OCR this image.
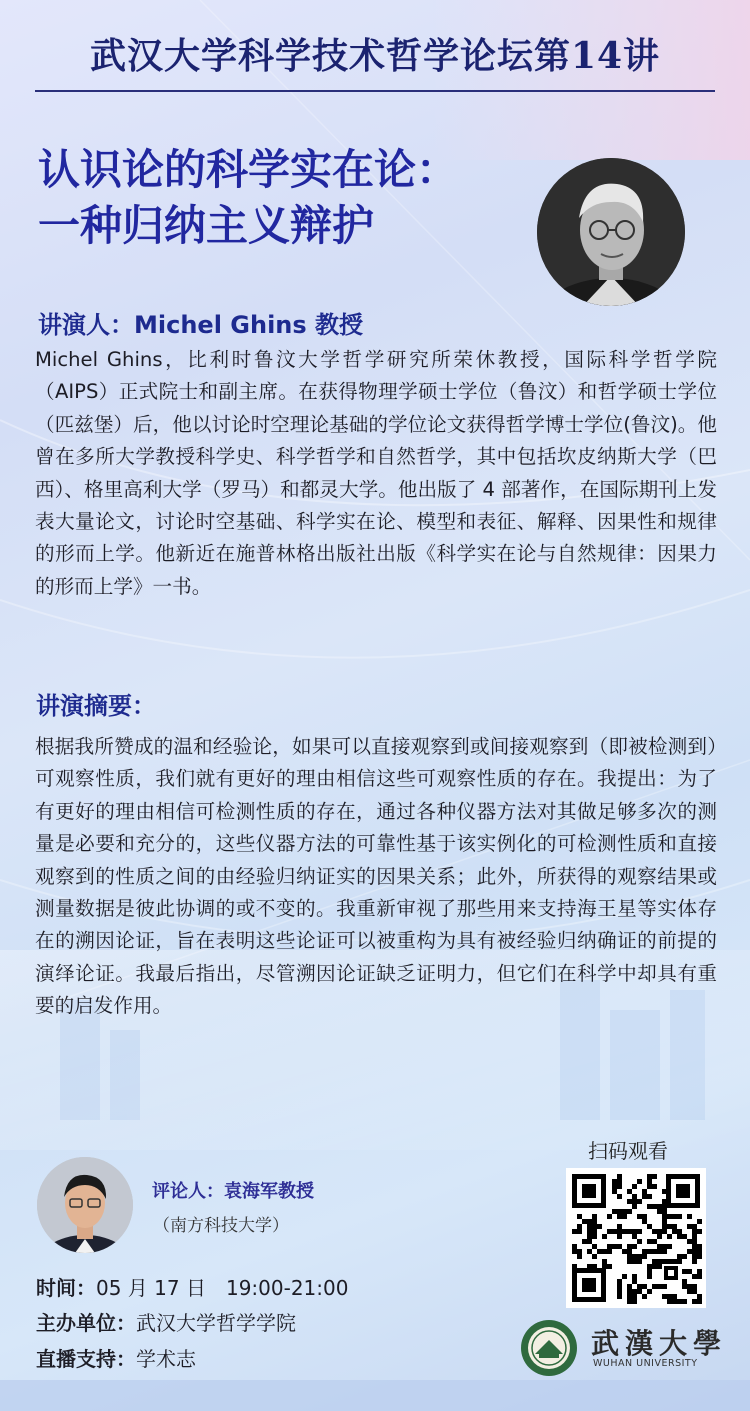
武汉大学科学技术哲学论坛第14讲
认识论的科学实在论：
一种归纳主义辩护
讲演人：Michel Ghins 教授

Michel Ghins，比利时鲁汶大学哲学研究所荣休教授，国际科学哲学院（AIPS）正式院士和副主席。在获得物理学硕士学位（鲁汶）和哲学硕士学位（匹兹堡）后，他以讨论时空理论基础的学位论文获得哲学博士学位(鲁汶)。他曾在多所大学教授科学史、科学哲学和自然哲学，其中包括坎皮纳斯大学（巴西）、格里高利大学（罗马）和都灵大学。他出版了 4 部著作，在国际期刊上发表大量论文，讨论时空基础、科学实在论、模型和表征、解释、因果性和规律的形而上学。他新近在施普林格出版社出版《科学实在论与自然规律：因果力的形而上学》一书。

讲演摘要：

根据我所赞成的温和经验论，如果可以直接观察到或间接观察到（即被检测到）可观察性质，我们就有更好的理由相信这些可观察性质的存在。我提出：为了有更好的理由相信可检测性质的存在，通过各种仪器方法对其做足够多次的测量是必要和充分的，这些仪器方法的可靠性基于该实例化的可检测性质和直接观察到的性质之间的由经验归纳证实的因果关系；此外，所获得的观察结果或测量数据是彼此协调的或不变的。我重新审视了那些用来支持海王星等实体存在的溯因论证，旨在表明这些论证可以被重构为具有被经验归纳确证的前提的演绎论证。我最后指出，尽管溯因论证缺乏证明力，但它们在科学中却具有重要的启发作用。

评论人：袁海军教授
（南方科技大学）
时间：05 月 17 日　19:00-21:00
主办单位：武汉大学哲学学院
直播支持：学术志
扫码观看
武漢大學
WUHAN UNIVERSITY
